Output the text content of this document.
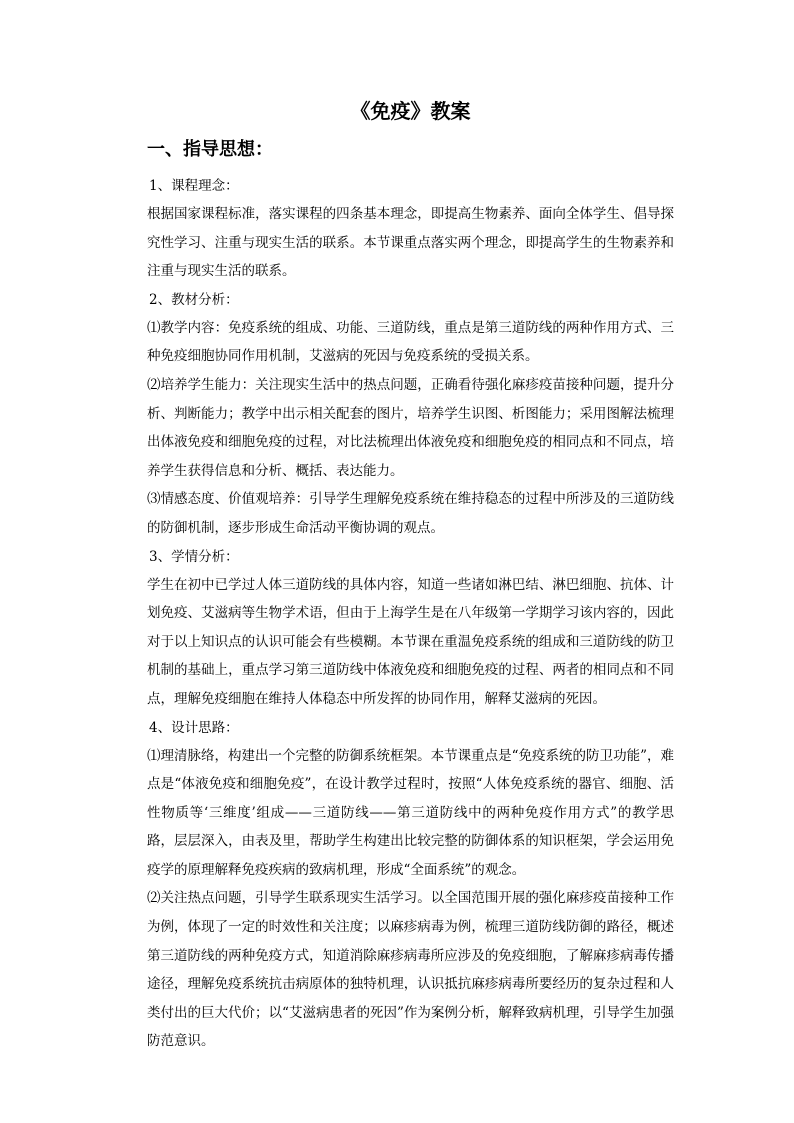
《免疫》教案
一、指导思想：
1、课程理念：

根据国家课程标准，落实课程的四条基本理念，即提高生物素养、面向全体学生、倡导探究性学习、注重与现实生活的联系。本节课重点落实两个理念，即提高学生的生物素养和注重与现实生活的联系。

2、教材分析：

⑴教学内容：免疫系统的组成、功能、三道防线，重点是第三道防线的两种作用方式、三种免疫细胞协同作用机制，艾滋病的死因与免疫系统的受损关系。

⑵培养学生能力：关注现实生活中的热点问题，正确看待强化麻疹疫苗接种问题，提升分析、判断能力；教学中出示相关配套的图片，培养学生识图、析图能力；采用图解法梳理出体液免疫和细胞免疫的过程，对比法梳理出体液免疫和细胞免疫的相同点和不同点，培养学生获得信息和分析、概括、表达能力。

⑶情感态度、价值观培养：引导学生理解免疫系统在维持稳态的过程中所涉及的三道防线的防御机制，逐步形成生命活动平衡协调的观点。

3、学情分析：

学生在初中已学过人体三道防线的具体内容，知道一些诸如淋巴结、淋巴细胞、抗体、计划免疫、艾滋病等生物学术语，但由于上海学生是在八年级第一学期学习该内容的，因此对于以上知识点的认识可能会有些模糊。本节课在重温免疫系统的组成和三道防线的防卫机制的基础上，重点学习第三道防线中体液免疫和细胞免疫的过程、两者的相同点和不同点，理解免疫细胞在维持人体稳态中所发挥的协同作用，解释艾滋病的死因。

4、设计思路：

⑴理清脉络，构建出一个完整的防御系统框架。本节课重点是“免疫系统的防卫功能”，难点是“体液免疫和细胞免疫”，在设计教学过程时，按照“人体免疫系统的器官、细胞、活性物质等‘三维度’组成——三道防线——第三道防线中的两种免疫作用方式”的教学思路，层层深入，由表及里，帮助学生构建出比较完整的防御体系的知识框架，学会运用免疫学的原理解释免疫疾病的致病机理，形成“全面系统”的观念。

⑵关注热点问题，引导学生联系现实生活学习。以全国范围开展的强化麻疹疫苗接种工作为例，体现了一定的时效性和关注度；以麻疹病毒为例，梳理三道防线防御的路径，概述第三道防线的两种免疫方式，知道消除麻疹病毒所应涉及的免疫细胞，了解麻疹病毒传播途径，理解免疫系统抗击病原体的独特机理，认识抵抗麻疹病毒所要经历的复杂过程和人类付出的巨大代价；以“艾滋病患者的死因”作为案例分析，解释致病机理，引导学生加强防范意识。
